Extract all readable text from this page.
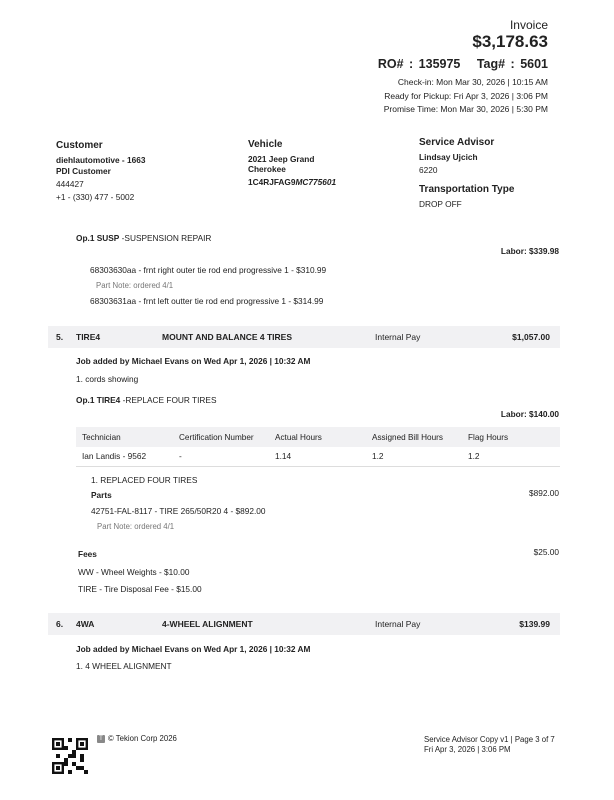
Invoice
$3,178.63
RO# : 135975 Tag# : 5601
Check-in: Mon Mar 30, 2026 | 10:15 AM
Ready for Pickup: Fri Apr 3, 2026 | 3:06 PM
Promise Time: Mon Mar 30, 2026 | 5:30 PM
Customer
diehlautomotive - 1663
PDI Customer
444427
+1 - (330) 477 - 5002
Vehicle
2021 Jeep Grand
Cherokee
1C4RJFAG9MC775601
Service Advisor
Lindsay Ujcich
6220
Transportation Type
DROP OFF
Op.1 SUSP -SUSPENSION REPAIR
Labor: $339.98
68303630aa - frnt right outer tie rod end progressive 1 - $310.99
Part Note: ordered 4/1
68303631aa - frnt left outter tie rod end progressive 1 - $314.99
5. TIRE4	MOUNT AND BALANCE 4 TIRES	Internal Pay	$1,057.00
Job added by Michael Evans on Wed Apr 1, 2026 | 10:32 AM
1. cords showing
Op.1 TIRE4 -REPLACE FOUR TIRES
Labor: $140.00
Technician	Certification Number	Actual Hours	Assigned Bill Hours	Flag Hours
Ian Landis - 9562	-	1.14	1.2	1.2
1. REPLACED FOUR TIRES
Parts	$892.00
42751-FAL-8117 - TIRE 265/50R20 4 - $892.00
Part Note: ordered 4/1
Fees	$25.00
WW - Wheel Weights - $10.00
TIRE - Tire Disposal Fee - $15.00
6. 4WA	4-WHEEL ALIGNMENT	Internal Pay	$139.99
Job added by Michael Evans on Wed Apr 1, 2026 | 10:32 AM
1. 4 WHEEL ALIGNMENT
T © Tekion Corp 2026	Service Advisor Copy v1 | Page 3 of 7
Fri Apr 3, 2026 | 3:06 PM
